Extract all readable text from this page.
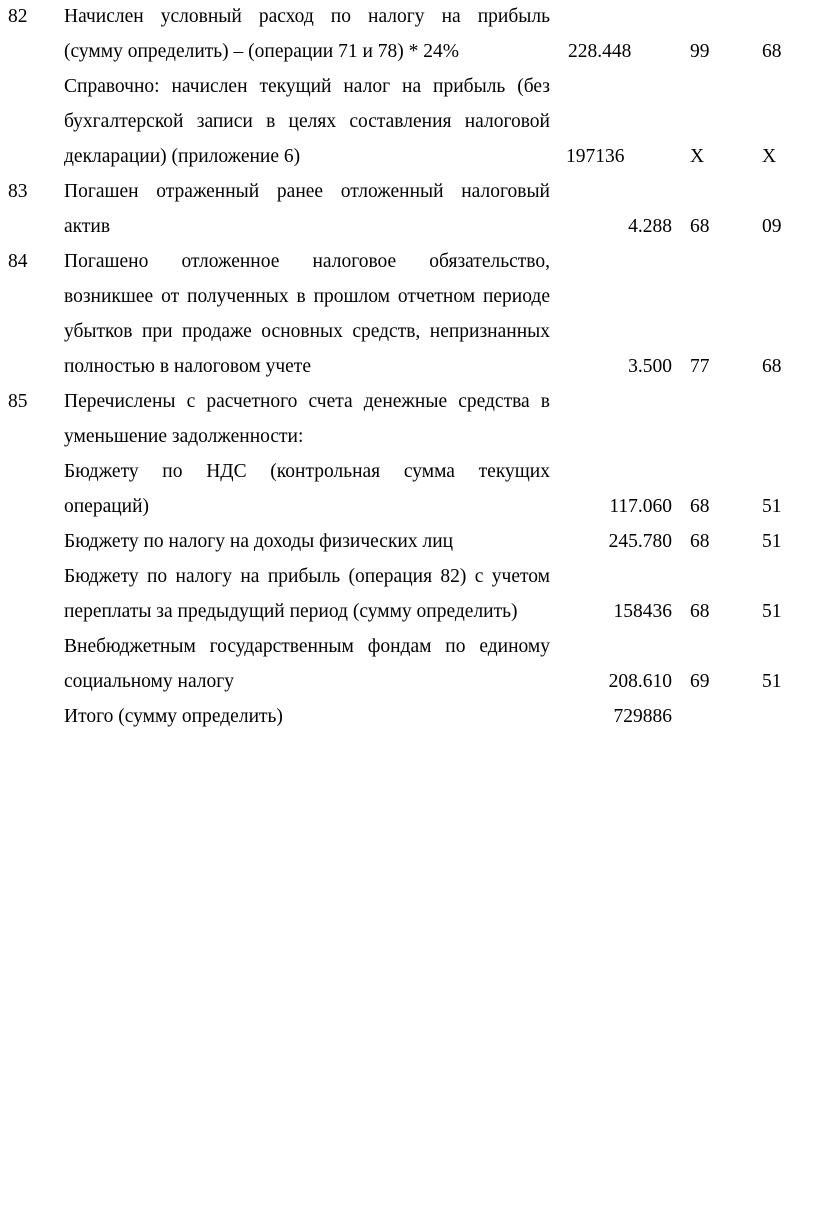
82 Начислен условный расход по налогу на прибыль
(сумму определить) – (операции 71 и 78) * 24%	228.448	99	68
Справочно: начислен текущий налог на прибыль (без
бухгалтерской записи в целях составления налоговой
декларации) (приложение 6)	197136	Х	Х
83 Погашен отраженный ранее отложенный налоговый
актив	4.288 68	09
84 Погашено отложенное налоговое обязательство,
возникшее от полученных в прошлом отчетном периоде
убытков при продаже основных средств, непризнанных
полностью в налоговом учете	3.500 77	68
85 Перечислены с расчетного счета денежные средства в
уменьшение задолженности:
Бюджету по НДС (контрольная сумма текущих
операций)	117.060 68	51
Бюджету по налогу на доходы физических лиц	245.780 68	51
Бюджету по налогу на прибыль (операция 82) с учетом
переплаты за предыдущий период (сумму определить)	158436 68	51
Внебюджетным государственным фондам по единому
социальному налогу	208.610 69	51
Итого (сумму определить)	729886
